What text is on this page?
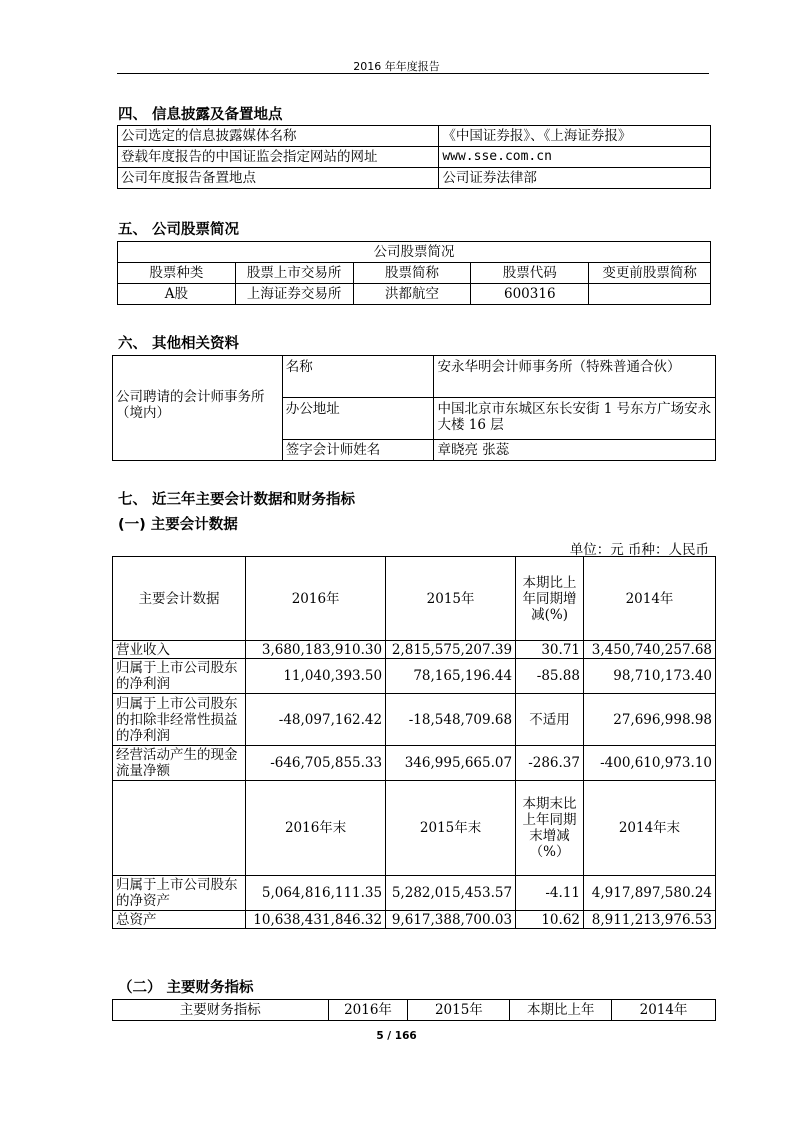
2016 年年度报告
四、 信息披露及备置地点
公司选定的信息披露媒体名称	《中国证券报》、《上海证券报》
登载年度报告的中国证监会指定网站的网址	www.sse.com.cn
公司年度报告备置地点	公司证券法律部
五、 公司股票简况
公司股票简况				
股票种类	股票上市交易所	股票简称	股票代码	变更前股票简称
A股	上海证券交易所	洪都航空	600316	
六、 其他相关资料
公司聘请的会计师事务所（境内）	名称	安永华明会计师事务所（特殊普通合伙）
	办公地址	中国北京市东城区东长安街 1 号东方广场安永大楼 16 层
	签字会计师姓名	章晓亮 张蕊
七、 近三年主要会计数据和财务指标
(一) 主要会计数据
单位：元 币种：人民币
主要会计数据	2016年	2015年	本期比上年同期增减(%)	2014年
营业收入	3,680,183,910.30	2,815,575,207.39	30.71	3,450,740,257.68
归属于上市公司股东的净利润	11,040,393.50	78,165,196.44	-85.88	98,710,173.40
归属于上市公司股东的扣除非经常性损益的净利润	-48,097,162.42	-18,548,709.68	不适用	27,696,998.98
经营活动产生的现金流量净额	-646,705,855.33	346,995,665.07	-286.37	-400,610,973.10
	2016年末	2015年末	本期末比上年同期末增减（%）	2014年末
归属于上市公司股东的净资产	5,064,816,111.35	5,282,015,453.57	-4.11	4,917,897,580.24
总资产	10,638,431,846.32	9,617,388,700.03	10.62	8,911,213,976.53
（二） 主要财务指标
主要财务指标	2016年	2015年	本期比上年	2014年
5 / 166
